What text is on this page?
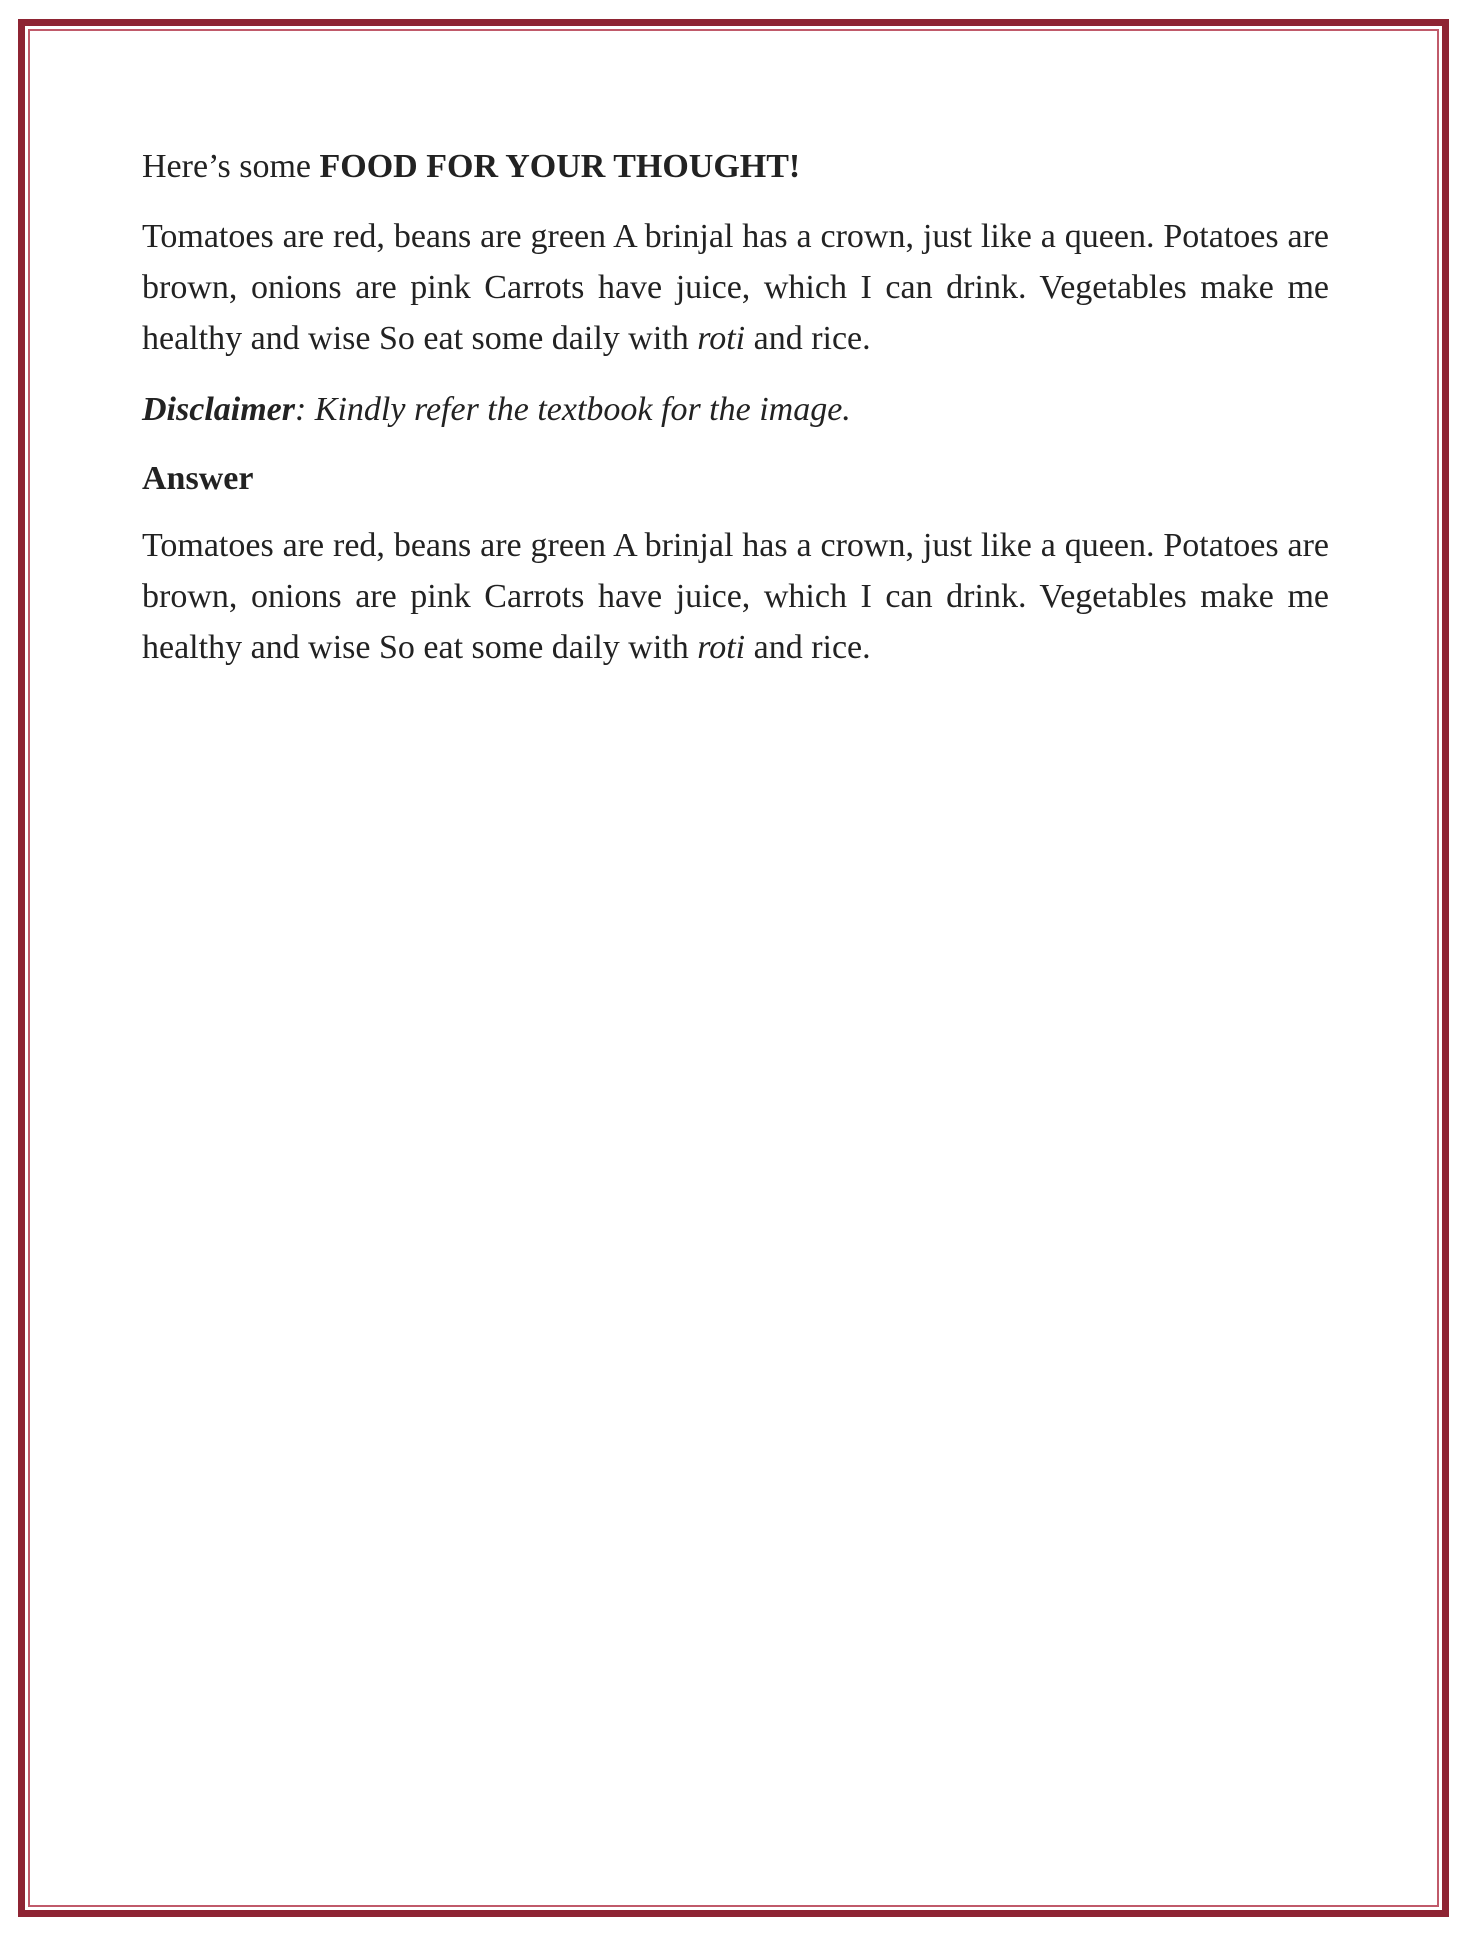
Here’s some FOOD FOR YOUR THOUGHT!

Tomatoes are red, beans are green A brinjal has a crown, just like a queen. Potatoes are brown, onions are pink Carrots have juice, which I can drink. Vegetables make me healthy and wise So eat some daily with roti and rice.

Disclaimer: Kindly refer the textbook for the image.

Answer

Tomatoes are red, beans are green A brinjal has a crown, just like a queen. Potatoes are brown, onions are pink Carrots have juice, which I can drink. Vegetables make me healthy and wise So eat some daily with roti and rice.
